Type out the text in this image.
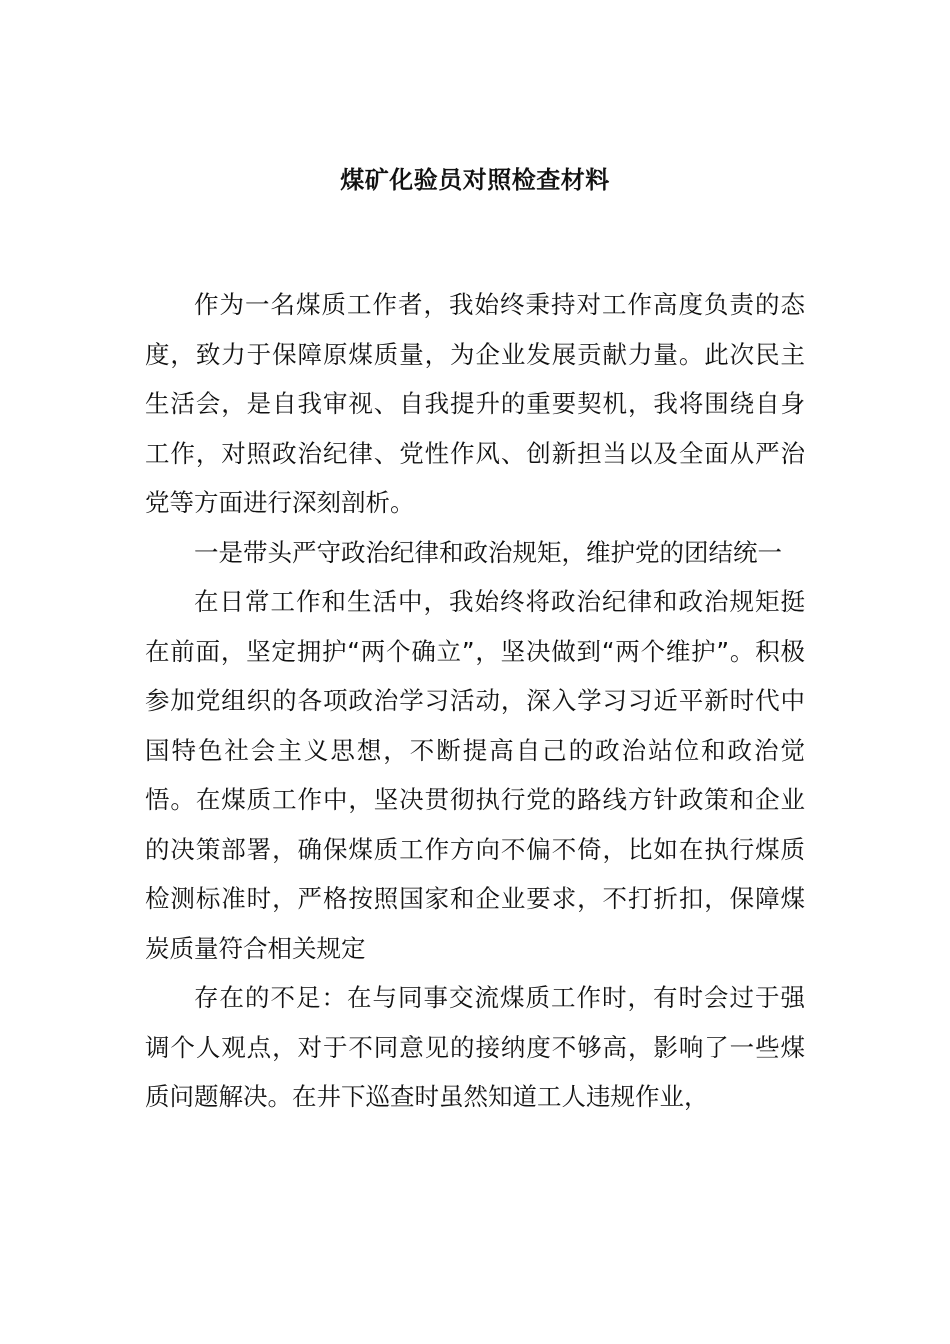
煤矿化验员对照检查材料

作为一名煤质工作者，我始终秉持对工作高度负责的态度，致力于保障原煤质量，为企业发展贡献力量。此次民主生活会，是自我审视、自我提升的重要契机，我将围绕自身工作，对照政治纪律、党性作风、创新担当以及全面从严治党等方面进行深刻剖析。

一是带头严守政治纪律和政治规矩，维护党的团结统一

在日常工作和生活中，我始终将政治纪律和政治规矩挺在前面，坚定拥护“两个确立”，坚决做到“两个维护”。积极参加党组织的各项政治学习活动，深入学习习近平新时代中国特色社会主义思想，不断提高自己的政治站位和政治觉悟。在煤质工作中，坚决贯彻执行党的路线方针政策和企业的决策部署，确保煤质工作方向不偏不倚，比如在执行煤质检测标准时，严格按照国家和企业要求，不打折扣，保障煤炭质量符合相关规定

存在的不足：在与同事交流煤质工作时，有时会过于强调个人观点，对于不同意见的接纳度不够高，影响了一些煤质问题解决。在井下巡查时虽然知道工人违规作业，
